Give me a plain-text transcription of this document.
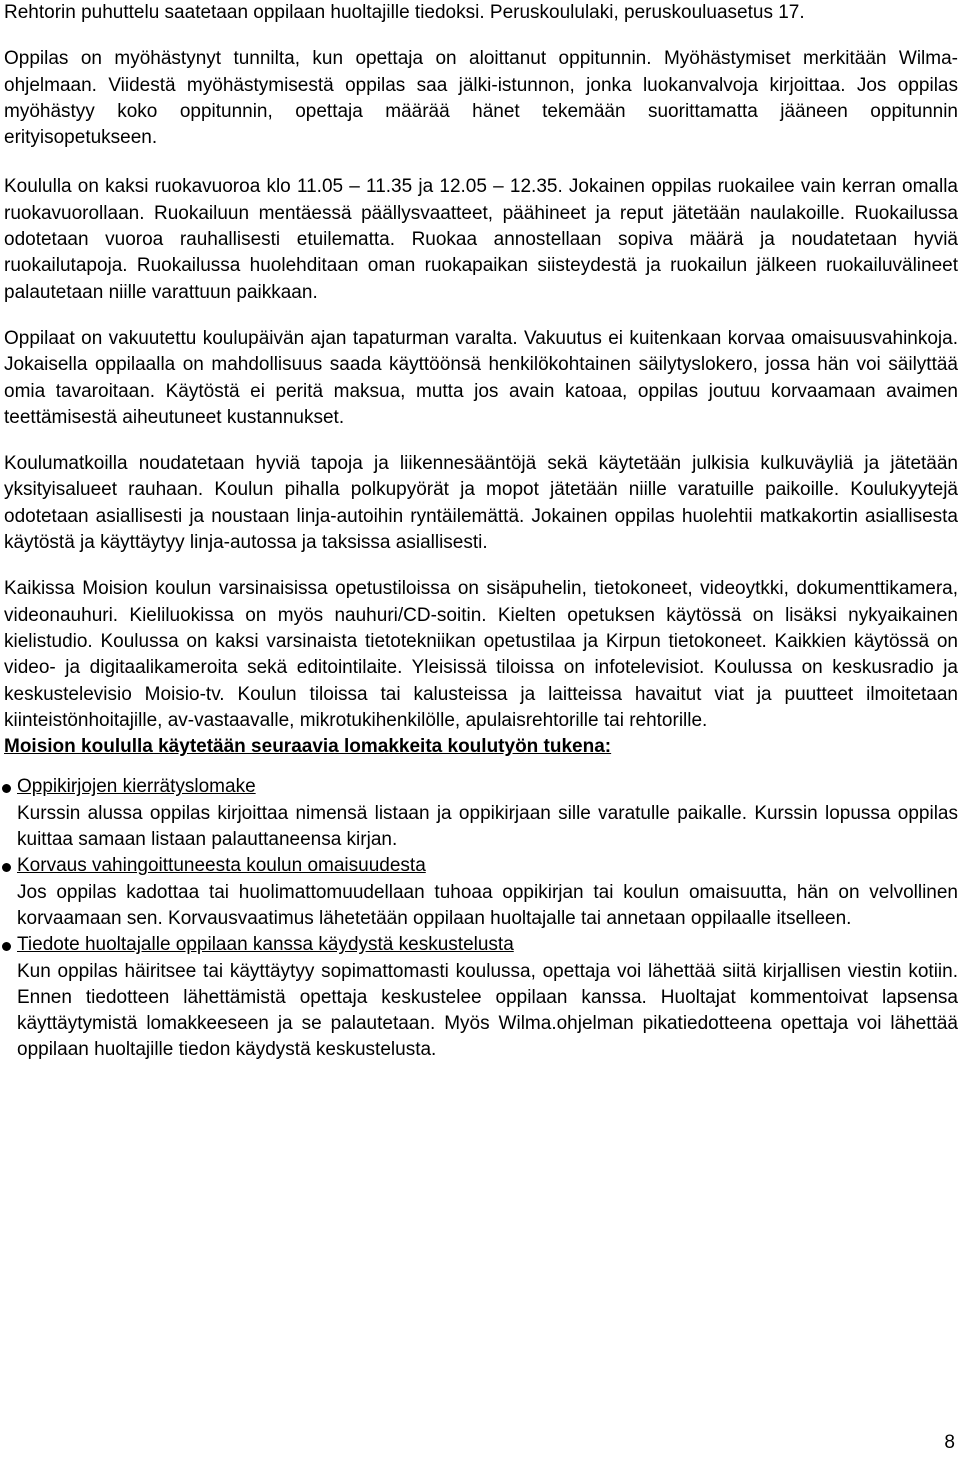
Rehtorin puhuttelu saatetaan oppilaan huoltajille tiedoksi. Peruskoululaki, peruskouluasetus 17.

Oppilas on myöhästynyt tunnilta, kun opettaja on aloittanut oppitunnin. Myöhästymiset merkitään Wilma-ohjelmaan. Viidestä myöhästymisestä oppilas saa jälki-istunnon, jonka luokanvalvoja kirjoittaa. Jos oppilas myöhästyy koko oppitunnin, opettaja määrää hänet tekemään suorittamatta jääneen oppitunnin erityisopetukseen.

Koululla on kaksi ruokavuoroa klo 11.05 – 11.35 ja 12.05 – 12.35. Jokainen oppilas ruokailee vain kerran omalla ruokavuorollaan. Ruokailuun mentäessä päällysvaatteet, päähineet ja reput jätetään naulakoille. Ruokailussa odotetaan vuoroa rauhallisesti etuilematta. Ruokaa annostellaan sopiva määrä ja noudatetaan hyviä ruokailutapoja. Ruokailussa huolehditaan oman ruokapaikan siisteydestä ja ruokailun jälkeen ruokailuvälineet palautetaan niille varattuun paikkaan.

Oppilaat on vakuutettu koulupäivän ajan tapaturman varalta. Vakuutus ei kuitenkaan korvaa omaisuusvahinkoja. Jokaisella oppilaalla on mahdollisuus saada käyttöönsä henkilökohtainen säilytyslokero, jossa hän voi säilyttää omia tavaroitaan. Käytöstä ei peritä maksua, mutta jos avain katoaa, oppilas joutuu korvaamaan avaimen teettämisestä aiheutuneet kustannukset.

Koulumatkoilla noudatetaan hyviä tapoja ja liikennesääntöjä sekä käytetään julkisia kulkuväyliä ja jätetään yksityisalueet rauhaan. Koulun pihalla polkupyörät ja mopot jätetään niille varatuille paikoille. Koulukyytejä odotetaan asiallisesti ja noustaan linja-autoihin ryntäilemättä. Jokainen oppilas huolehtii matkakortin asiallisesta käytöstä ja käyttäytyy linja-autossa ja taksissa asiallisesti.

Kaikissa Moision koulun varsinaisissa opetustiloissa on sisäpuhelin, tietokoneet, videoytkki, dokumenttikamera, videonauhuri. Kieliluokissa on myös nauhuri/CD-soitin. Kielten opetuksen käytössä on lisäksi nykyaikainen kielistudio. Koulussa on kaksi varsinaista tietotekniikan opetustilaa ja Kirpun tietokoneet. Kaikkien käytössä on video- ja digitaalikameroita sekä editointilaite. Yleisissä tiloissa on infotelevisiot. Koulussa on keskusradio ja keskustelevisio Moisio-tv. Koulun tiloissa tai kalusteissa ja laitteissa havaitut viat ja puutteet ilmoitetaan kiinteistönhoitajille, av-vastaavalle, mikrotukihenkilölle, apulaisrehtorille tai rehtorille.

Moision koululla käytetään seuraavia lomakkeita koulutyön tukena:

Oppikirjojen kierrätyslomake
Kurssin alussa oppilas kirjoittaa nimensä listaan ja oppikirjaan sille varatulle paikalle. Kurssin lopussa oppilas kuittaa samaan listaan palauttaneensa kirjan.
Korvaus vahingoittuneesta koulun omaisuudesta
Jos oppilas kadottaa tai huolimattomuudellaan tuhoaa oppikirjan tai koulun omaisuutta, hän on velvollinen korvaamaan sen. Korvausvaatimus lähetetään oppilaan huoltajalle tai annetaan oppilaalle itselleen.
Tiedote huoltajalle oppilaan kanssa käydystä keskustelusta
Kun oppilas häiritsee tai käyttäytyy sopimattomasti koulussa, opettaja voi lähettää siitä kirjallisen viestin kotiin. Ennen tiedotteen lähettämistä opettaja keskustelee oppilaan kanssa. Huoltajat kommentoivat lapsensa käyttäytymistä lomakkeeseen ja se palautetaan. Myös Wilma.ohjelman pikatiedotteena opettaja voi lähettää oppilaan huoltajille tiedon käydystä keskustelusta.
8
